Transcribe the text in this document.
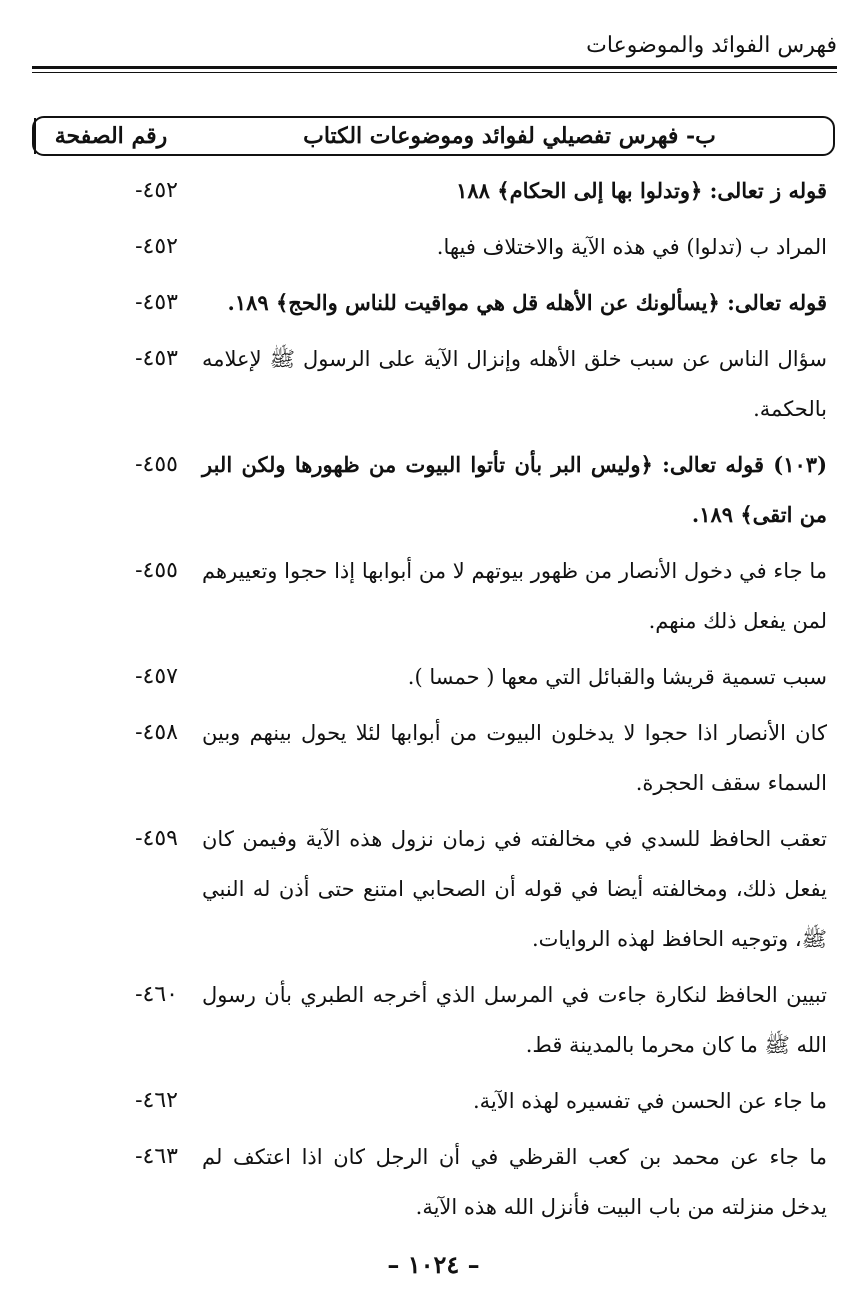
فهرس الفوائد والموضوعات
رقم الصفحة	ب- فهرس تفصيلي لفوائد وموضوعات الكتاب
٤٥٢-	قوله ز تعالى: ﴿وتدلوا بها إلى الحكام﴾ ١٨٨
٤٥٢-	المراد ب (تدلوا) في هذه الآية والاختلاف فيها.
٤٥٣-	قوله تعالى: ﴿يسألونك عن الأهله قل هي مواقيت للناس والحج﴾ ١٨٩.
٤٥٣-	سؤال الناس عن سبب خلق الأهله وإنزال الآية على الرسول ﷺ لإعلامه بالحكمة.
٤٥٥-	(١٠٣) قوله تعالى: ﴿وليس البر بأن تأتوا البيوت من ظهورها ولكن البر من اتقى﴾ ١٨٩.
٤٥٥-	ما جاء في دخول الأنصار من ظهور بيوتهم لا من أبوابها إذا حجوا وتعييرهم لمن يفعل ذلك منهم.
٤٥٧-	سبب تسمية قريشا والقبائل التي معها ( حمسا ).
٤٥٨-	كان الأنصار اذا حجوا لا يدخلون البيوت من أبوابها لئلا يحول بينهم وبين السماء سقف الحجرة.
٤٥٩-	تعقب الحافظ للسدي في مخالفته في زمان نزول هذه الآية وفيمن كان يفعل ذلك، ومخالفته أيضا في قوله أن الصحابي امتنع حتى أذن له النبي ﷺ، وتوجيه الحافظ لهذه الروايات.
٤٦٠-	تبيين الحافظ لنكارة جاءت في المرسل الذي أخرجه الطبري بأن رسول الله ﷺ ما كان محرما بالمدينة قط.
٤٦٢-	ما جاء عن الحسن في تفسيره لهذه الآية.
٤٦٣-	ما جاء عن محمد بن كعب القرظي في أن الرجل كان اذا اعتكف لم يدخل منزلته من باب البيت فأنزل الله هذه الآية.
– ١٠٢٤ –
